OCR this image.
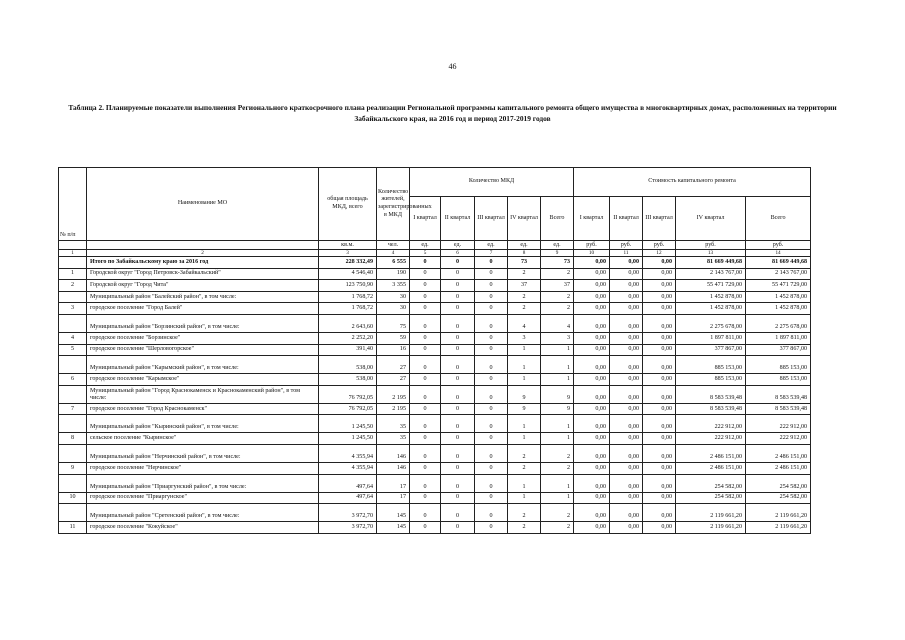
46
Таблица 2. Планируемые показатели выполнения Регионального краткосрочного плана реализации Региональной программы капитального ремонта общего имущества в многоквартирных домах, расположенных на территории Забайкальского края, на 2016 год и период 2017-2019 годов
№ п/п	Наименование МО	общая площадь МКД, всего	Количество жителей, зарегистрированных в МКД	Количество МКД					Стоимость капитального ремонта				
				I квартал	II квартал	III квартал	IV квартал	Всего	I квартал	II квартал	III квартал	IV квартал	Всего
		кв.м.	чел.	ед.	ед.	ед.	ед.	ед.	руб.	руб.	руб.	руб.	руб.
1	2	3	4	5	6	7	8	9	10	11	12	13	14
	Итого по Забайкальскому краю за 2016 год	228 332,49	6 555	0	0	0	73	73	0,00	0,00	0,00	81 669 449,68	81 669 449,68
1	Городской округ "Город Петровск-Забайкальский"	4 546,40	190	0	0	0	2	2	0,00	0,00	0,00	2 143 767,00	2 143 767,00
2	Городской округ "Город Чита"	123 750,90	3 355	0	0	0	37	37	0,00	0,00	0,00	55 471 729,00	55 471 729,00
	Муниципальный район "Балейский район", в том числе:	1 768,72	30	0	0	0	2	2	0,00	0,00	0,00	1 452 878,00	1 452 878,00
3	городское поселение "Город Балей"	1 768,72	30	0	0	0	2	2	0,00	0,00	0,00	1 452 878,00	1 452 878,00
	Муниципальный район "Борзинский район", в том числе:	2 643,60	75	0	0	0	4	4	0,00	0,00	0,00	2 275 678,00	2 275 678,00
4	городское поселение "Борзинское"	2 252,20	59	0	0	0	3	3	0,00	0,00	0,00	1 897 811,00	1 897 811,00
5	городское поселение "Шерловогорское"	391,40	16	0	0	0	1	1	0,00	0,00	0,00	377 867,00	377 867,00
	Муниципальный район "Карымский район", в том числе:	538,00	27	0	0	0	1	1	0,00	0,00	0,00	885 153,00	885 153,00
6	городское поселение "Карымское"	538,00	27	0	0	0	1	1	0,00	0,00	0,00	885 153,00	885 153,00
	Муниципальный район "Город Краснокаменск и Краснокаменский район", в том числе:	76 792,05	2 195	0	0	0	9	9	0,00	0,00	0,00	8 583 539,48	8 583 539,48
7	городское поселение "Город Краснокаменск"	76 792,05	2 195	0	0	0	9	9	0,00	0,00	0,00	8 583 539,48	8 583 539,48
	Муниципальный район "Кыринский район", в том числе:	1 245,50	35	0	0	0	1	1	0,00	0,00	0,00	222 912,00	222 912,00
8	сельское поселение "Кыринское"	1 245,50	35	0	0	0	1	1	0,00	0,00	0,00	222 912,00	222 912,00
	Муниципальный район "Нерчинский район", в том числе:	4 355,94	146	0	0	0	2	2	0,00	0,00	0,00	2 486 151,00	2 486 151,00
9	городское поселение "Нерчинское"	4 355,94	146	0	0	0	2	2	0,00	0,00	0,00	2 486 151,00	2 486 151,00
	Муниципальный район "Приаргунский район", в том числе:	497,64	17	0	0	0	1	1	0,00	0,00	0,00	254 582,00	254 582,00
10	городское поселение "Приаргунское"	497,64	17	0	0	0	1	1	0,00	0,00	0,00	254 582,00	254 582,00
	Муниципальный район "Сретенский район", в том числе:	3 972,70	145	0	0	0	2	2	0,00	0,00	0,00	2 119 661,20	2 119 661,20
11	городское поселение "Кокуйское"	3 972,70	145	0	0	0	2	2	0,00	0,00	0,00	2 119 661,20	2 119 661,20
